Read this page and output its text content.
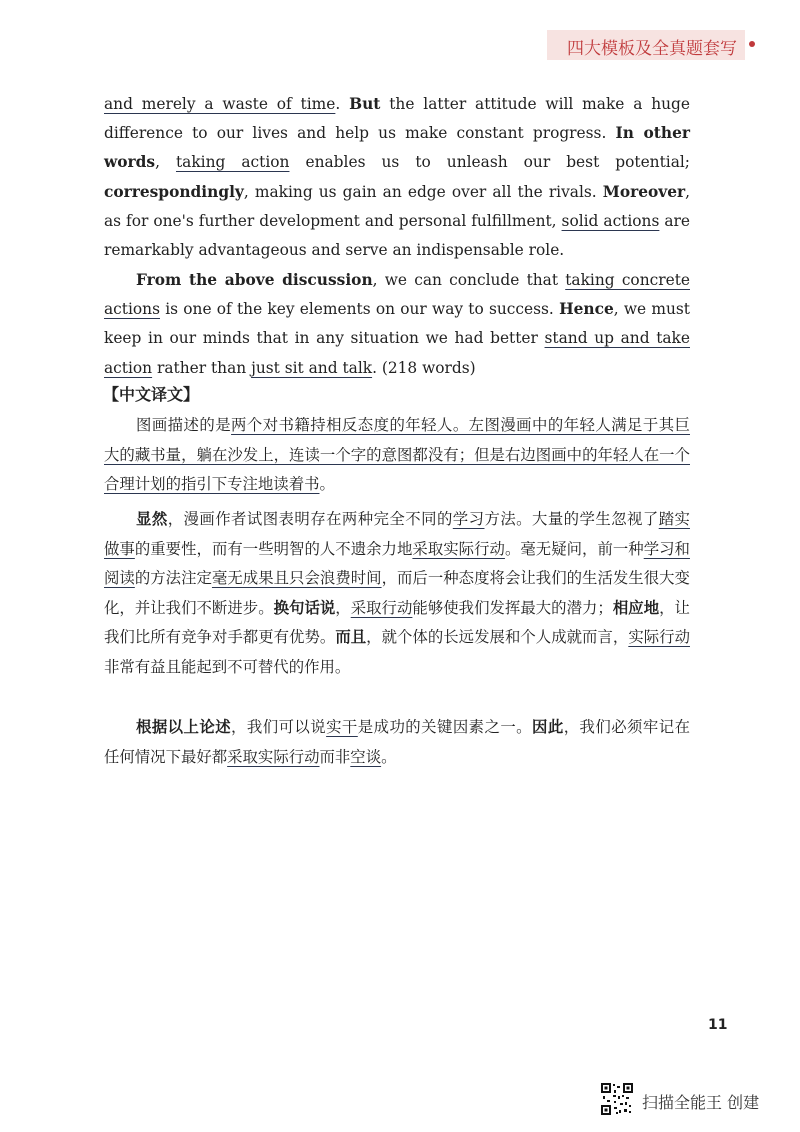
四大模板及全真题套写

and merely a waste of time. But the latter attitude will make a huge difference to our lives and help us make constant progress. In other words, taking action enables us to unleash our best potential; correspondingly, making us gain an edge over all the rivals. Moreover, as for one's further development and personal fulfillment, solid actions are remarkably advantageous and serve an indispensable role.

From the above discussion, we can conclude that taking concrete actions is one of the key elements on our way to success. Hence, we must keep in our minds that in any situation we had better stand up and take action rather than just sit and talk. (218 words)

【中文译文】

图画描述的是两个对书籍持相反态度的年轻人。左图漫画中的年轻人满足于其巨大的藏书量，躺在沙发上，连读一个字的意图都没有；但是右边图画中的年轻人在一个合理计划的指引下专注地读着书。

显然，漫画作者试图表明存在两种完全不同的学习方法。大量的学生忽视了踏实做事的重要性，而有一些明智的人不遗余力地采取实际行动。毫无疑问，前一种学习和阅读的方法注定毫无成果且只会浪费时间，而后一种态度将会让我们的生活发生很大变化，并让我们不断进步。换句话说，采取行动能够使我们发挥最大的潜力；相应地，让我们比所有竞争对手都更有优势。而且，就个体的长远发展和个人成就而言，实际行动非常有益且能起到不可替代的作用。

根据以上论述，我们可以说实干是成功的关键因素之一。因此，我们必须牢记在任何情况下最好都采取实际行动而非空谈。

11
扫描全能王 创建
